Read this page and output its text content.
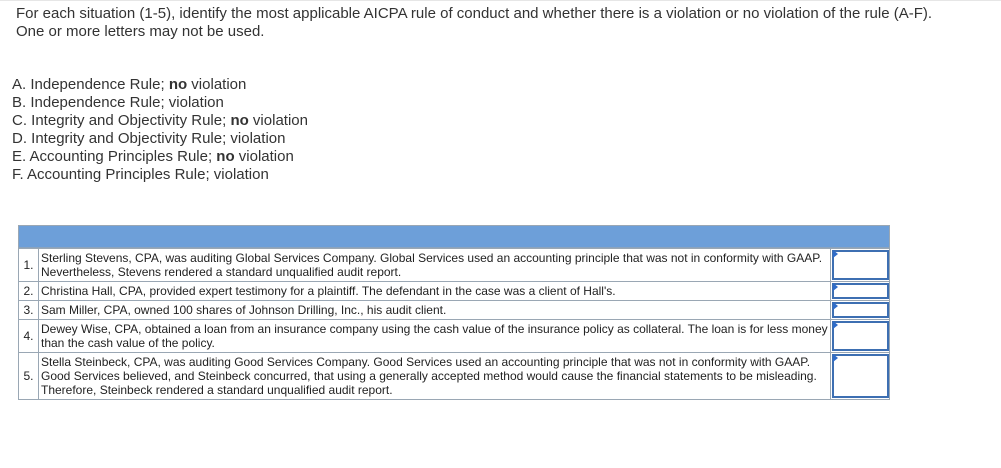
For each situation (1-5), identify the most applicable AICPA rule of conduct and whether there is a violation or no violation of the rule (A-F). One or more letters may not be used.
A. Independence Rule; no violation
B. Independence Rule; violation
C. Integrity and Objectivity Rule; no violation
D. Integrity and Objectivity Rule; violation
E. Accounting Principles Rule; no violation
F. Accounting Principles Rule; violation
1. Sterling Stevens, CPA, was auditing Global Services Company. Global Services used an accounting principle that was not in conformity with GAAP. Nevertheless, Stevens rendered a standard unqualified audit report.
2. Christina Hall, CPA, provided expert testimony for a plaintiff. The defendant in the case was a client of Hall's.
3. Sam Miller, CPA, owned 100 shares of Johnson Drilling, Inc., his audit client.
4. Dewey Wise, CPA, obtained a loan from an insurance company using the cash value of the insurance policy as collateral. The loan is for less money than the cash value of the policy.
5.
Stella Steinbeck, CPA, was auditing Good Services Company. Good Services used an accounting principle that was not in conformity with GAAP. Good Services believed, and Steinbeck concurred, that using a generally accepted method would cause the financial statements to be misleading. Therefore, Steinbeck rendered a standard unqualified audit report.
